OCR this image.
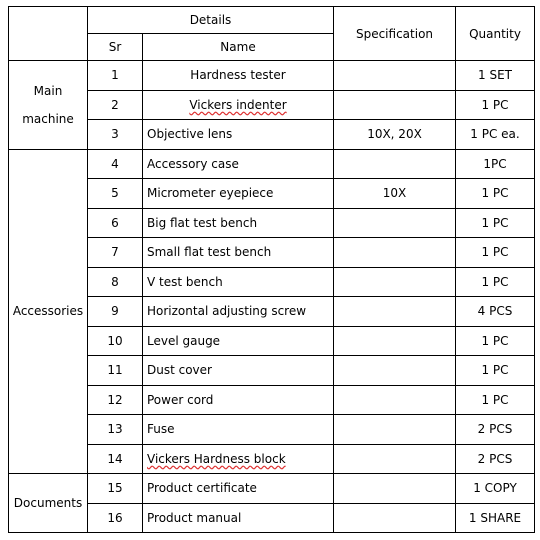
	Details		Specification	Quantity
	Sr	Name		
Main machine	1	Hardness tester		1 SET
	2	Vickers indenter		1 PC
	3	Objective lens	10X, 20X	1 PC ea.
Accessories	4	Accessory case		1PC
	5	Micrometer eyepiece	10X	1 PC
	6	Big flat test bench		1 PC
	7	Small flat test bench		1 PC
	8	V test bench		1 PC
	9	Horizontal adjusting screw		4 PCS
	10	Level gauge		1 PC
	11	Dust cover		1 PC
	12	Power cord		1 PC
	13	Fuse		2 PCS
	14	Vickers Hardness block		2 PCS
Documents	15	Product certificate		1 COPY
	16	Product manual		1 SHARE
